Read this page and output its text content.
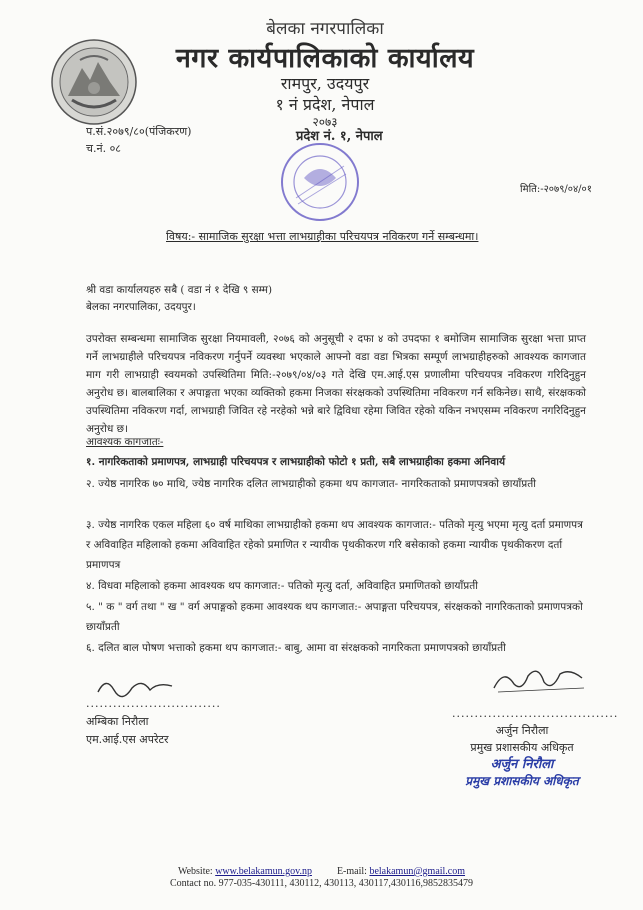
बेलका नगरपालिका
नगर कार्यपालिकाको कार्यालय
रामपुर, उदयपुर
१ नं प्रदेश, नेपाल
२०७३
प.सं.२०७९/८०(पंजिकरण)
च.नं. ०८
प्रदेश नं. १, नेपाल
मिति:-२०७९/०४/०१
विषय:- सामाजिक सुरक्षा भत्ता लाभग्राहीका परिचयपत्र नविकरण गर्ने सम्बन्धमा।
श्री वडा कार्यालयहरु सबै ( वडा नं १ देखि ९ सम्म)
बेलका नगरपालिका, उदयपुर।
उपरोक्त सम्बन्धमा सामाजिक सुरक्षा नियमावली, २०७६ को अनुसूची २ दफा ४ को उपदफा १ बमोजिम सामाजिक सुरक्षा भत्ता प्राप्त गर्ने लाभग्राहीले परिचयपत्र नविकरण गर्नुपर्ने व्यवस्था भएकाले आफ्नो वडा वडा भित्रका सम्पूर्ण लाभग्राहीहरुको आवश्यक कागजात माग गरी लाभग्राही स्वयमको उपस्थितिमा मिति:-२०७९/०४/०३ गते देखि एम.आई.एस प्रणालीमा परिचयपत्र नविकरण गरिदिनुहुन अनुरोध छ। बालबालिका र अपाङ्गता भएका व्यक्तिको हकमा निजका संरक्षकको उपस्थितिमा नविकरण गर्न सकिनेछ। साथै, संरक्षकको उपस्थितिमा नविकरण गर्दा, लाभग्राही जिवित रहे नरहेको भन्ने बारे द्विविधा रहेमा जिवित रहेको यकिन नभएसम्म नविकरण नगरिदिनुहुन अनुरोध छ।
आवश्यक कागजातः-
१. नागरिकताको प्रमाणपत्र, लाभग्राही परिचयपत्र र लाभग्राहीको फोटो १ प्रती, सबै लाभग्राहीका हकमा अनिवार्य
२. ज्येष्ठ नागरिक ७० माथि, ज्येष्ठ नागरिक दलित लाभग्राहीको हकमा थप कागजात- नागरिकताको प्रमाणपत्रको छायाँप्रती
३. ज्येष्ठ नागरिक एकल महिला ६० वर्ष माथिका लाभग्राहीको हकमा थप आवश्यक कागजात:- पतिको मृत्यु भएमा मृत्यु दर्ता प्रमाणपत्र र अविवाहित महिलाको हकमा अविवाहित रहेको प्रमाणित र न्यायीक पृथकीकरण गरि बसेकाको हकमा न्यायीक पृथकीकरण दर्ता प्रमाणपत्र
४. विधवा महिलाको हकमा आवश्यक थप कागजात:- पतिको मृत्यु दर्ता, अविवाहित प्रमाणितको छायाँप्रती
५. " क " वर्ग तथा " ख " वर्ग अपाङ्गको हकमा आवश्यक थप कागजात:- अपाङ्गता परिचयपत्र, संरक्षकको नागरिकताको प्रमाणपत्रको छायाँप्रती
६. दलित बाल पोषण भत्ताको हकमा थप कागजात:- बाबु, आमा वा संरक्षकको नागरिकता प्रमाणपत्रको छायाँप्रती
..............................
अम्बिका निरौला
एम.आई.एस अपरेटर
.....................................
अर्जुन निरौला
प्रमुख प्रशासकीय अधिकृत
अर्जुन निरौला
प्रमुख प्रशासकीय अधिकृत
Website: www.belakamun.gov.np	E-mail: belakamun@gmail.com
Contact no. 977-035-430111, 430112, 430113, 430117,430116,9852835479
